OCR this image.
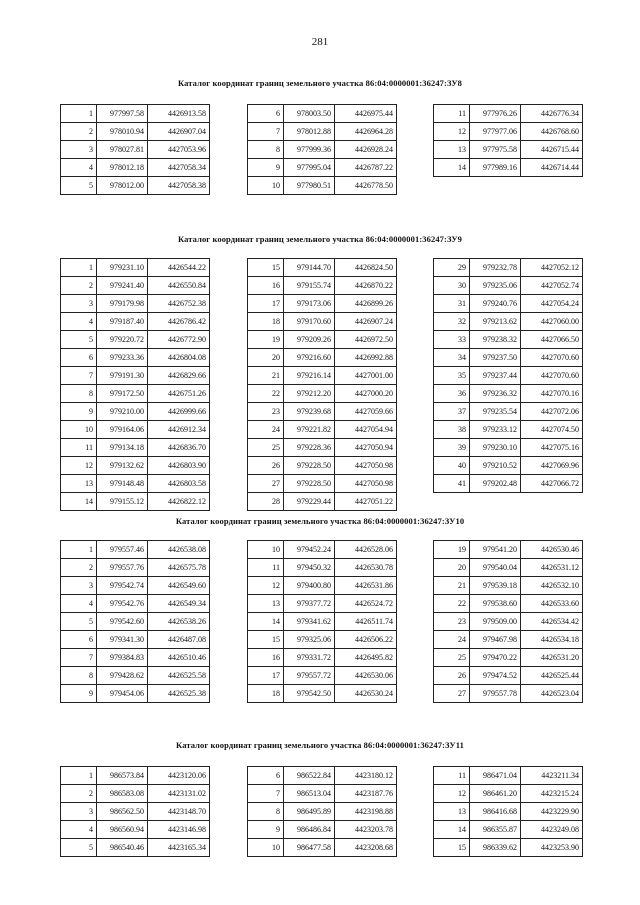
281
Каталог координат границ земельного участка 86:04:0000001:36247:ЗУ8
1	977997.58	4426913.58
2	978010.94	4426907.04
3	978027.81	4427053.96
4	978012.18	4427058.34
5	978012.00	4427058.38
6	978003.50	4426975.44
7	978012.88	4426964.28
8	977999.36	4426928.24
9	977995.04	4426787.22
10	977980.51	4426778.50
11	977976.26	4426776.34
12	977977.06	4426768.60
13	977975.58	4426715.44
14	977989.16	4426714.44
Каталог координат границ земельного участка 86:04:0000001:36247:ЗУ9
1	979231.10	4426544.22
2	979241.40	4426550.84
3	979179.98	4426752.38
4	979187.40	4426786.42
5	979220.72	4426772.90
6	979233.36	4426804.08
7	979191.30	4426829.66
8	979172.50	4426751.26
9	979210.00	4426999.66
10	979164.06	4426912.34
11	979134.18	4426836.70
12	979132.62	4426803.90
13	979148.48	4426803.58
14	979155.12	4426822.12
15	979144.70	4426824.50
16	979155.74	4426870.22
17	979173.06	4426899.26
18	979170.60	4426907.24
19	979209.26	4426972.50
20	979216.60	4426992.88
21	979216.14	4427001.00
22	979212.20	4427000.20
23	979239.68	4427059.66
24	979221.82	4427054.94
25	979228.36	4427050.94
26	979228.50	4427050.98
27	979228.50	4427050.98
28	979229.44	4427051.22
29	979232.78	4427052.12
30	979235.06	4427052.74
31	979240.76	4427054.24
32	979213.62	4427060.00
33	979238.32	4427066.50
34	979237.50	4427070.60
35	979237.44	4427070.60
36	979236.32	4427070.16
37	979235.54	4427072.06
38	979233.12	4427074.50
39	979230.10	4427075.16
40	979210.52	4427069.96
41	979202.48	4427066.72
Каталог координат границ земельного участка 86:04:0000001:36247:ЗУ10
1	979557.46	4426538.08
2	979557.76	4426575.78
3	979542.74	4426549.60
4	979542.76	4426549.34
5	979542.60	4426538.26
6	979341.30	4426487.08
7	979384.83	4426510.46
8	979428.62	4426525.58
9	979454.06	4426525.38
10	979452.24	4426528.06
11	979450.32	4426530.78
12	979400.80	4426531.86
13	979377.72	4426524.72
14	979341.62	4426511.74
15	979325.06	4426506.22
16	979331.72	4426495.82
17	979557.72	4426530.06
18	979542.50	4426530.24
19	979541.20	4426530.46
20	979540.04	4426531.12
21	979539.18	4426532.10
22	979538.60	4426533.60
23	979509.00	4426534.42
24	979467.98	4426534.18
25	979470.22	4426531.20
26	979474.52	4426525.44
27	979557.78	4426523.04
Каталог координат границ земельного участка 86:04:0000001:36247:ЗУ11
1	986573.84	4423120.06
2	986583.08	4423131.02
3	986562.50	4423148.70
4	986560.94	4423146.98
5	986540.46	4423165.34
6	986522.84	4423180.12
7	986513.04	4423187.76
8	986495.89	4423198.88
9	986486.84	4423203.78
10	986477.58	4423208.68
11	986471.04	4423211.34
12	986461.20	4423215.24
13	986416.68	4423229.90
14	986355.87	4423249.08
15	986339.62	4423253.90
